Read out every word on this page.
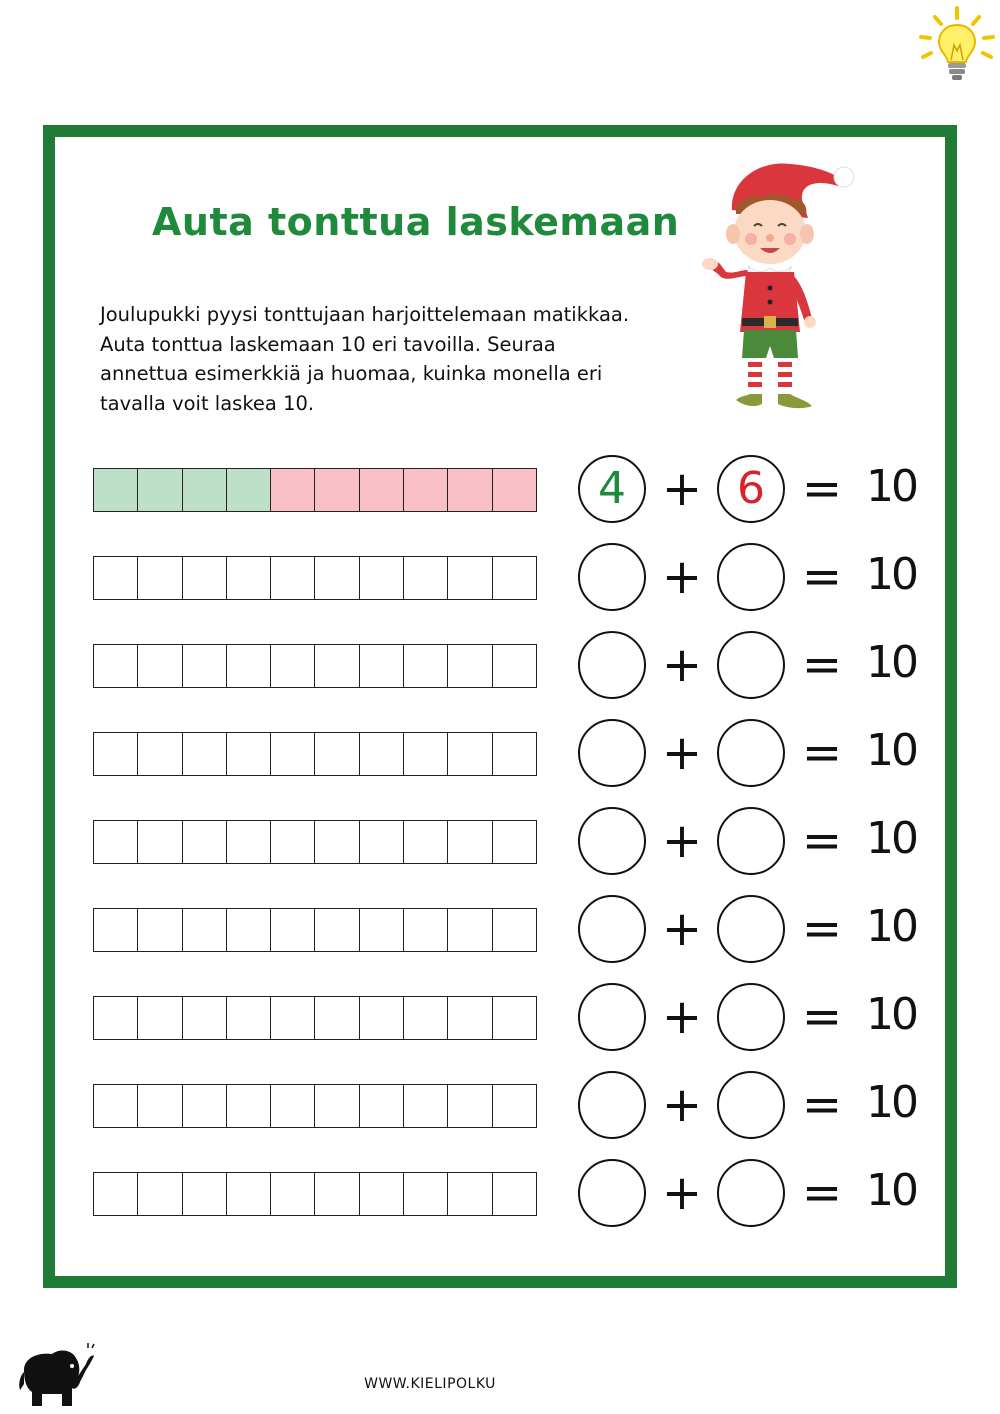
Auta tonttua laskemaan

Joulupukki pyysi tonttujaan harjoittelemaan matikkaa.
Auta tonttua laskemaan 10 eri tavoilla. Seuraa
annettua esimerkkiä ja huomaa, kuinka monella eri
tavalla voit laskea 10.

4 + 6 = 10
+ = 10
+ = 10
+ = 10
+ = 10
+ = 10
+ = 10
+ = 10
+ = 10
WWW.KIELIPOLKU
